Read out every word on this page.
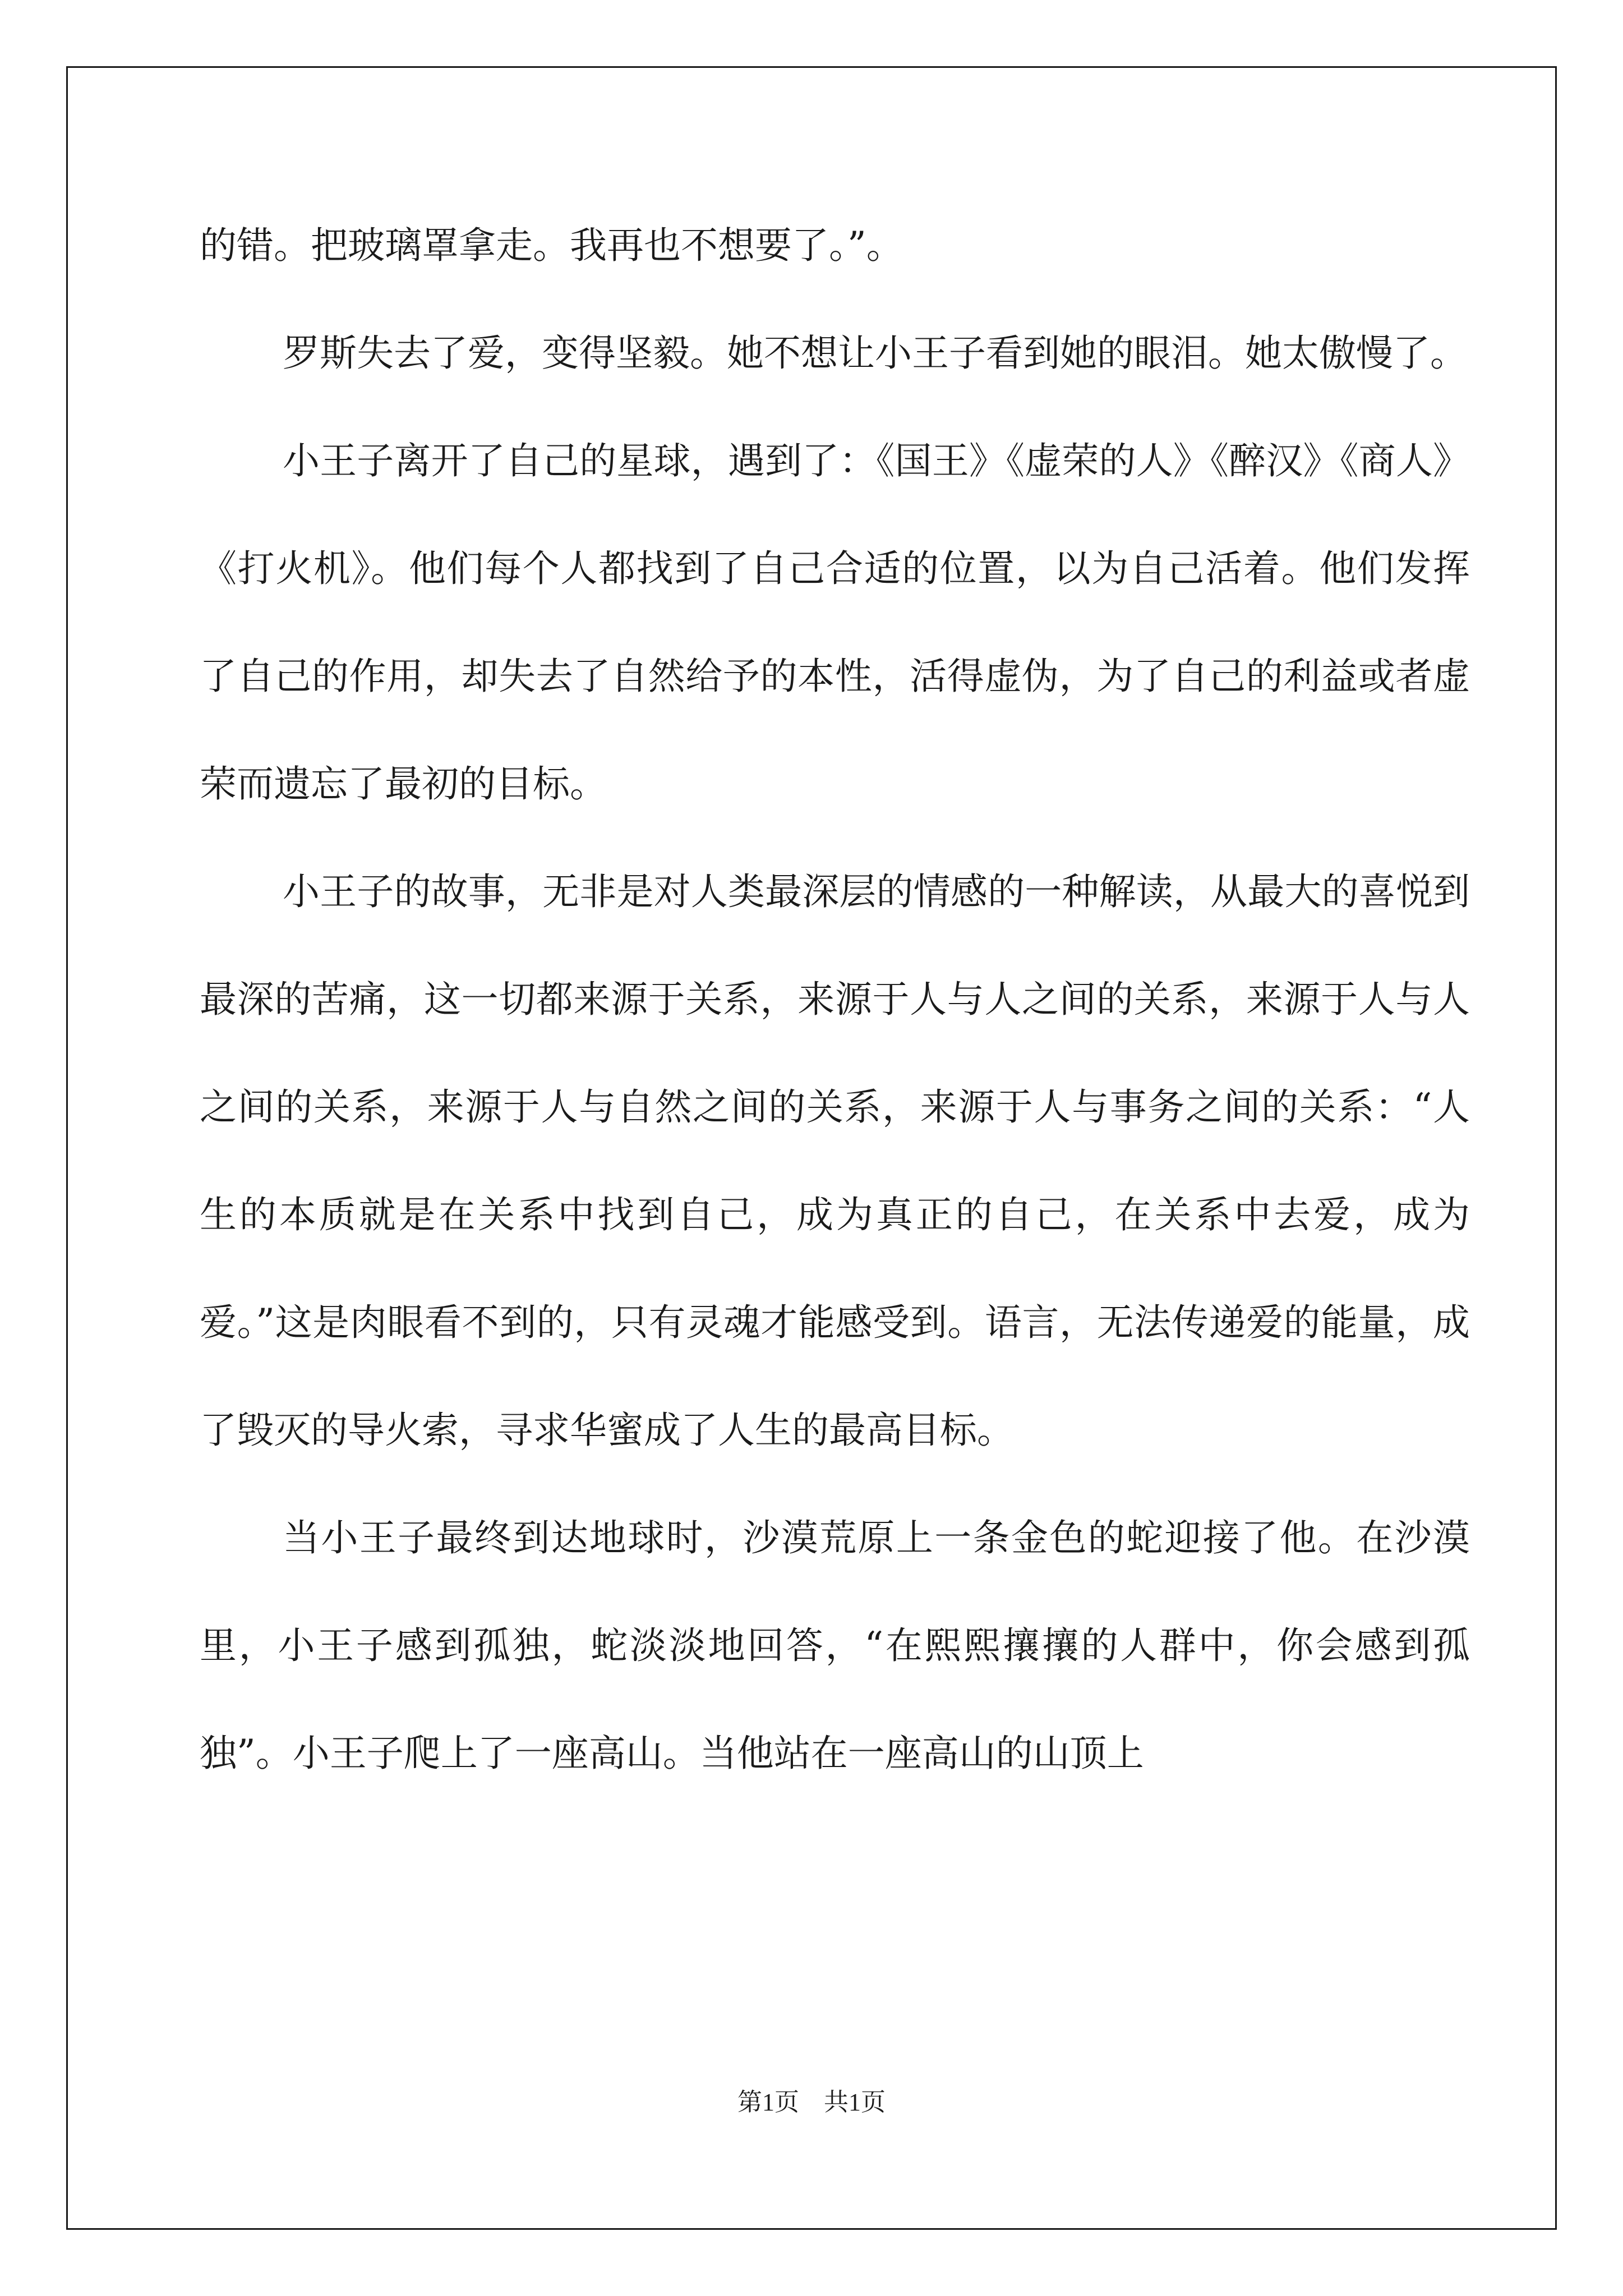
的错。把玻璃罩拿走。我再也不想要了。”。

罗斯失去了爱，变得坚毅。她不想让小王子看到她的眼泪。她太傲慢了。

小王子离开了自己的星球，遇到了：《国王》《虚荣的人》《醉汉》《商人》《打火机》。他们每个人都找到了自己合适的位置，以为自己活着。他们发挥了自己的作用，却失去了自然给予的本性，活得虚伪，为了自己的利益或者虚荣而遗忘了最初的目标。

小王子的故事，无非是对人类最深层的情感的一种解读，从最大的喜悦到最深的苦痛，这一切都来源于关系，来源于人与人之间的关系，来源于人与人之间的关系，来源于人与自然之间的关系，来源于人与事务之间的关系：“人生的本质就是在关系中找到自己，成为真正的自己，在关系中去爱，成为爱。”这是肉眼看不到的，只有灵魂才能感受到。语言，无法传递爱的能量，成了毁灭的导火索，寻求华蜜成了人生的最高目标。

当小王子最终到达地球时，沙漠荒原上一条金色的蛇迎接了他。在沙漠里，小王子感到孤独，蛇淡淡地回答，“在熙熙攘攘的人群中，你会感到孤独”。小王子爬上了一座高山。当他站在一座高山的山顶上

第1页 共1页
